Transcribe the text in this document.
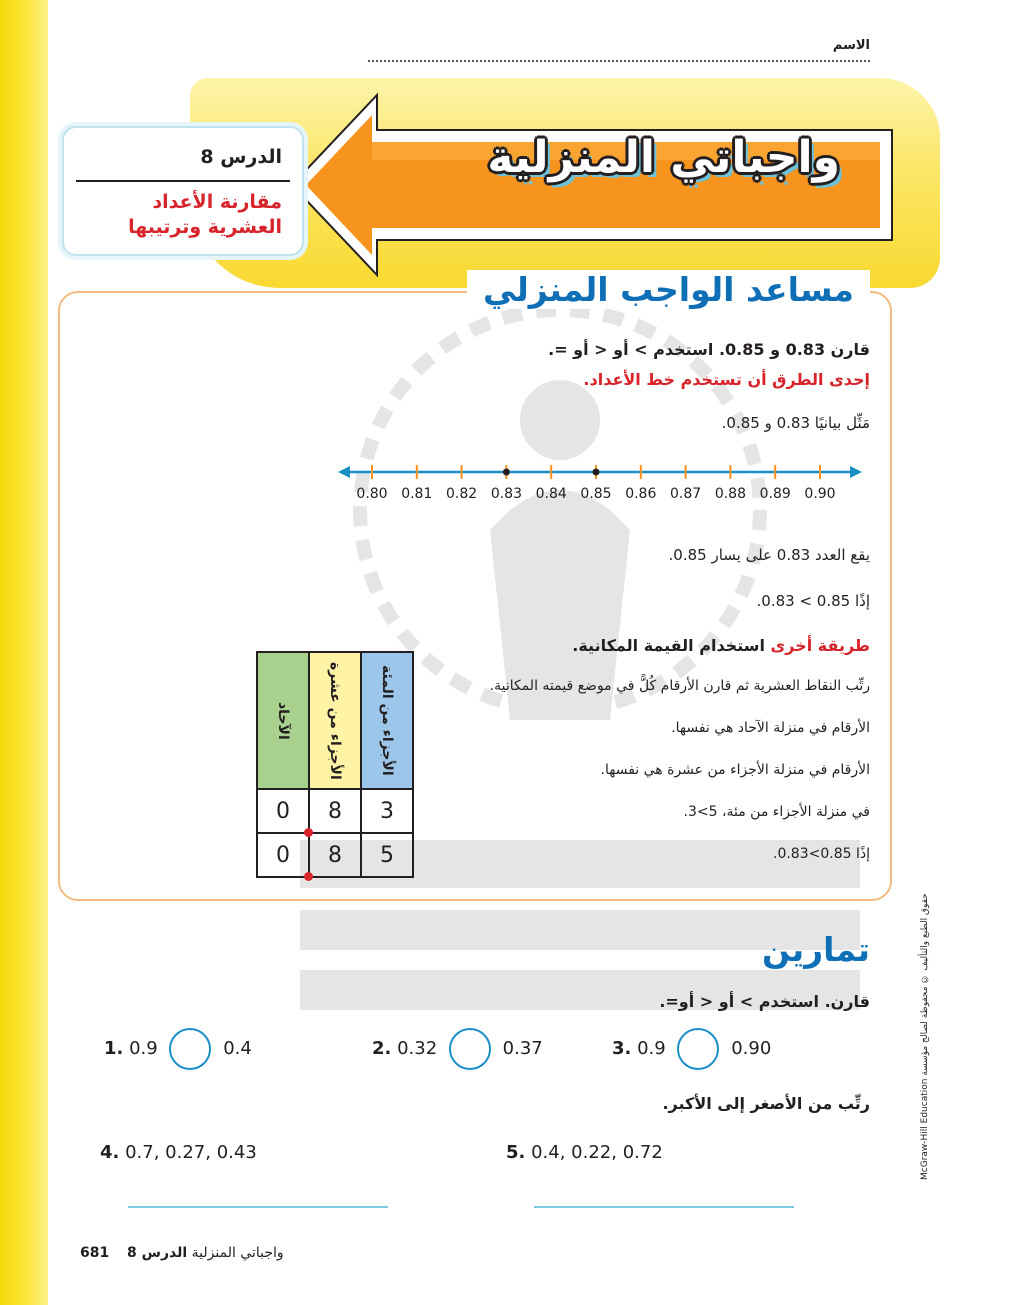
الاسم
واجباتي المنزلية
الدرس 8
مقارنة الأعداد العشرية وترتيبها
مساعد الواجب المنزلي
قارن 0.83 و 0.85. استخدم > أو < أو =.
إحدى الطرق أن تستخدم خط الأعداد.
مَثِّل بيانيًا 0.83 و 0.85.
0.80 0.81 0.82 0.83 0.84 0.85 0.86 0.87 0.88 0.89 0.90
يقع العدد 0.83 على يسار 0.85.
إذًا 0.85 > 0.83.
طريقة أخرى استخدام القيمة المكانية.
رتِّب النقاط العشرية ثم قارن الأرقام كُلًّ في موضع قيمته المكانية.
الأرقام في منزلة الآحاد هي نفسها.
الأرقام في منزلة الأجزاء من عشرة هي نفسها.
في منزلة الأجزاء من مئة، 5>3.
إذًا 0.85>0.83.
الآحاد	الأجزاء من عشرة	الأجزاء من المئة

0	8	3
0	8	5
تمارين
قارن. استخدم > أو < أو=.
1. 0.9	0.4	2. 0.32	0.37	3. 0.9	0.90
رتِّب من الأصغر إلى الأكبر.
4. 0.7, 0.27, 0.43	5. 0.4, 0.22, 0.72	McGraw-Hill Education حقوق الطبع والتأليف © محفوظة لصالح مؤسسة
681	واجباتي المنزلية الدرس 8
